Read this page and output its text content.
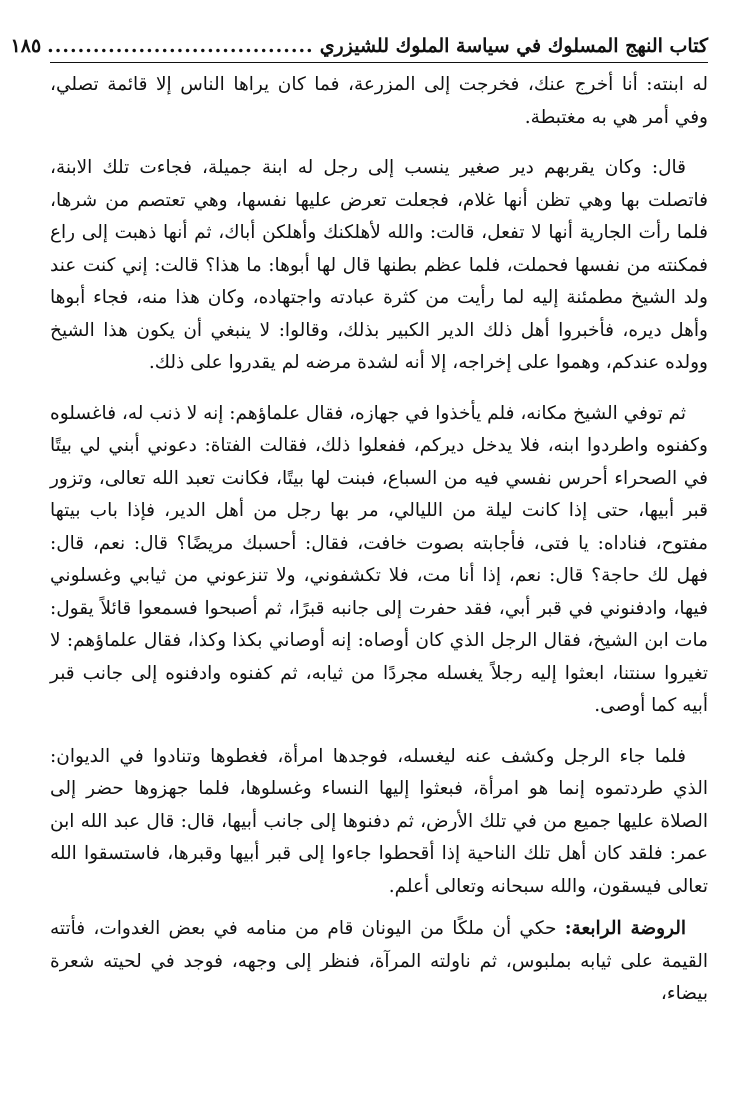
كتاب النهج المسلوك في سياسة الملوك للشيزري
...................................
١٨٥

له ابنته: أنا أخرج عنك، فخرجت إلى المزرعة، فما كان يراها الناس إلا قائمة تصلي، وفي أمر هي به مغتبطة.

قال: وكان يقربهم دير صغير ينسب إلى رجل له ابنة جميلة، فجاءت تلك الابنة، فاتصلت بها وهي تظن أنها غلام، فجعلت تعرض عليها نفسها، وهي تعتصم من شرها، فلما رأت الجارية أنها لا تفعل، قالت: والله لأهلكنك وأهلكن أباك، ثم أنها ذهبت إلى راع فمكنته من نفسها فحملت، فلما عظم بطنها قال لها أبوها: ما هذا؟ قالت: إني كنت عند ولد الشيخ مطمئنة إليه لما رأيت من كثرة عبادته واجتهاده، وكان هذا منه، فجاء أبوها وأهل ديره، فأخبروا أهل ذلك الدير الكبير بذلك، وقالوا: لا ينبغي أن يكون هذا الشيخ وولده عندكم، وهموا على إخراجه، إلا أنه لشدة مرضه لم يقدروا على ذلك.

ثم توفي الشيخ مكانه، فلم يأخذوا في جهازه، فقال علماؤهم: إنه لا ذنب له، فاغسلوه وكفنوه واطردوا ابنه، فلا يدخل ديركم، ففعلوا ذلك، فقالت الفتاة: دعوني أبني لي بيتًا في الصحراء أحرس نفسي فيه من السباع، فبنت لها بيتًا، فكانت تعبد الله تعالى، وتزور قبر أبيها، حتى إذا كانت ليلة من الليالي، مر بها رجل من أهل الدير، فإذا باب بيتها مفتوح، فناداه: يا فتى، فأجابته بصوت خافت، فقال: أحسبك مريضًا؟ قال: نعم، قال: فهل لك حاجة؟ قال: نعم، إذا أنا مت، فلا تكشفوني، ولا تنزعوني من ثيابي وغسلوني فيها، وادفنوني في قبر أبي، فقد حفرت إلى جانبه قبرًا، ثم أصبحوا فسمعوا قائلاً يقول: مات ابن الشيخ، فقال الرجل الذي كان أوصاه: إنه أوصاني بكذا وكذا، فقال علماؤهم: لا تغيروا سنتنا، ابعثوا إليه رجلاً يغسله مجردًا من ثيابه، ثم كفنوه وادفنوه إلى جانب قبر أبيه كما أوصى.

فلما جاء الرجل وكشف عنه ليغسله، فوجدها امرأة، فغطوها وتنادوا في الديوان: الذي طردتموه إنما هو امرأة، فبعثوا إليها النساء وغسلوها، فلما جهزوها حضر إلى الصلاة عليها جميع من في تلك الأرض، ثم دفنوها إلى جانب أبيها، قال: قال عبد الله ابن عمر: فلقد كان أهل تلك الناحية إذا أقحطوا جاءوا إلى قبر أبيها وقبرها، فاستسقوا الله تعالى فيسقون، والله سبحانه وتعالى أعلم.

الروضة الرابعة: حكي أن ملكًا من اليونان قام من منامه في بعض الغدوات، فأتته القيمة على ثيابه بملبوس، ثم ناولته المرآة، فنظر إلى وجهه، فوجد في لحيته شعرة بيضاء،
